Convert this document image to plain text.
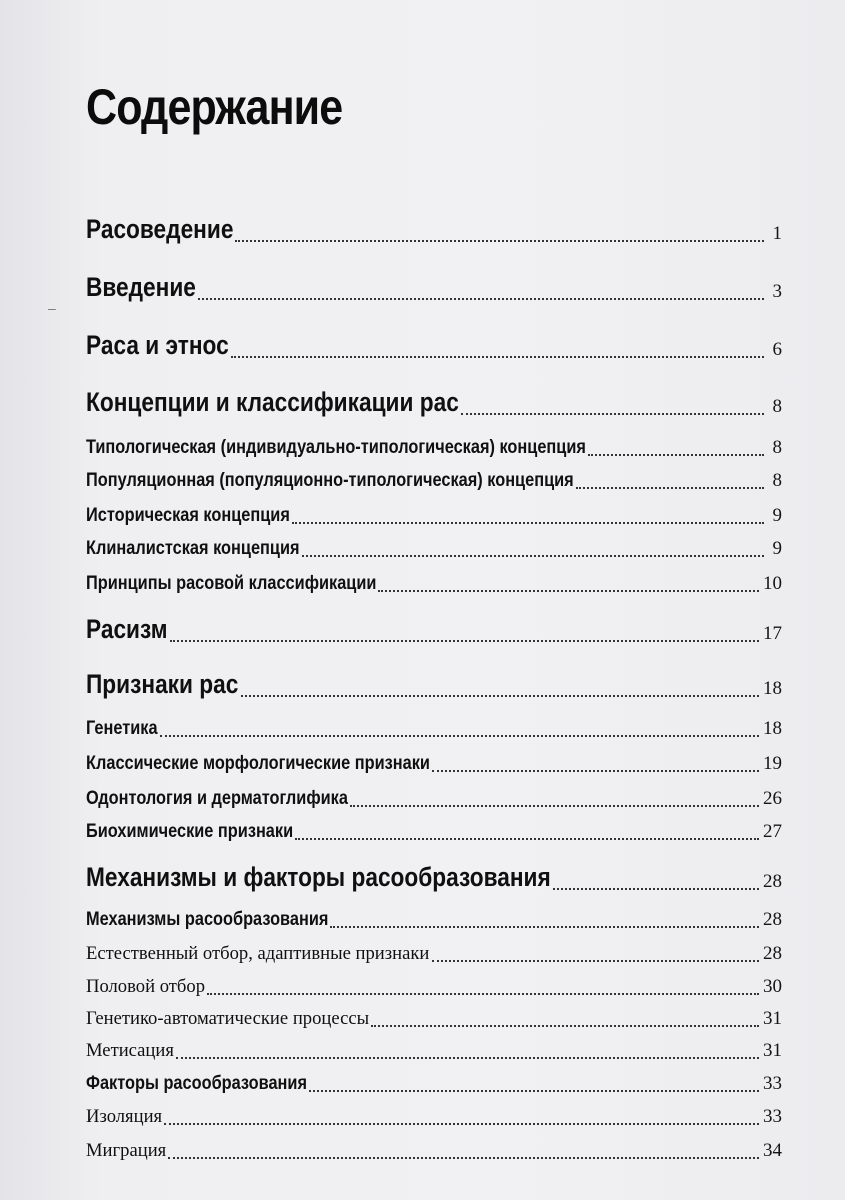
–
Содержание
Расоведение	1
Введение	3
Раса и этнос	6
Концепции и классификации рас	8
Типологическая (индивидуально-типологическая) концепция	8
Популяционная (популяционно-типологическая) концепция	8
Историческая концепция	9
Клиналистская концепция	9
Принципы расовой классификации	10
Расизм	17
Признаки рас	18
Генетика	18
Классические морфологические признаки	19
Одонтология и дерматоглифика	26
Биохимические признаки	27
Механизмы и факторы расообразования	28
Механизмы расообразования	28
Естественный отбор, адаптивные признаки	28
Половой отбор	30
Генетико-автоматические процессы	31
Метисация	31
Факторы расообразования	33
Изоляция	33
Миграция	34
